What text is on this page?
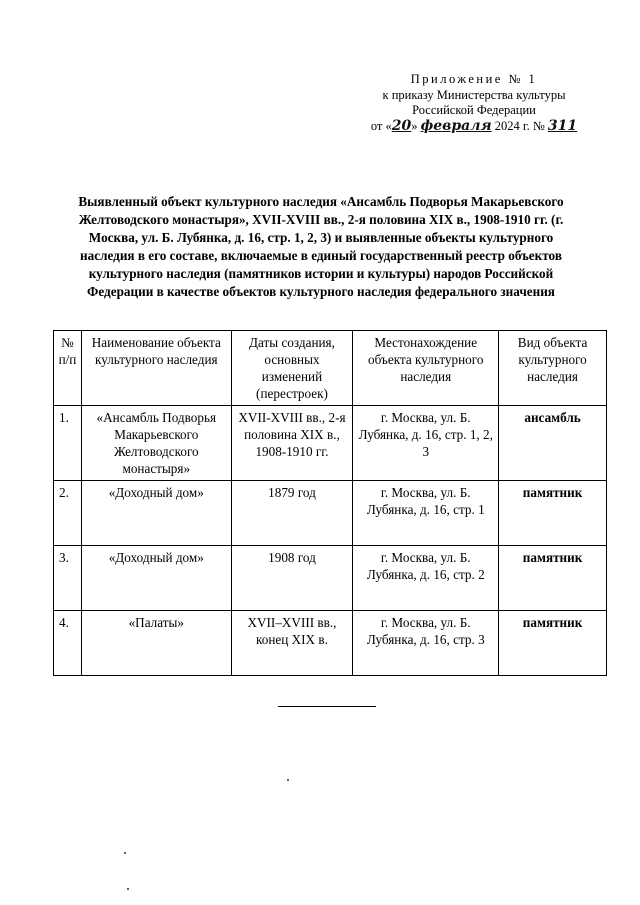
Приложение № 1
к приказу Министерства культуры
Российской Федерации
от «20» февраля 2024 г. № 311
Выявленный объект культурного наследия «Ансамбль Подворья Макарьевского Желтоводского монастыря», XVII-XVIII вв., 2-я половина XIX в., 1908-1910 гг. (г. Москва, ул. Б. Лубянка, д. 16, стр. 1, 2, 3) и выявленные объекты культурного наследия в его составе, включаемые в единый государственный реестр объектов культурного наследия (памятников истории и культуры) народов Российской Федерации в качестве объектов культурного наследия федерального значения
№ п/п	Наименование объекта культурного наследия	Даты создания, основных изменений (перестроек)	Местонахождение объекта культурного наследия	Вид объекта культурного наследия
1.	«Ансамбль Подворья Макарьевского Желтоводского монастыря»	XVII-XVIII вв., 2-я половина XIX в., 1908-1910 гг.	г. Москва, ул. Б. Лубянка, д. 16, стр. 1, 2, 3	ансамбль
2.	«Доходный дом»	1879 год	г. Москва, ул. Б. Лубянка, д. 16, стр. 1	памятник
3.	«Доходный дом»	1908 год	г. Москва, ул. Б. Лубянка, д. 16, стр. 2	памятник
4.	«Палаты»	XVII–XVIII вв., конец XIX в.	г. Москва, ул. Б. Лубянка, д. 16, стр. 3	памятник
